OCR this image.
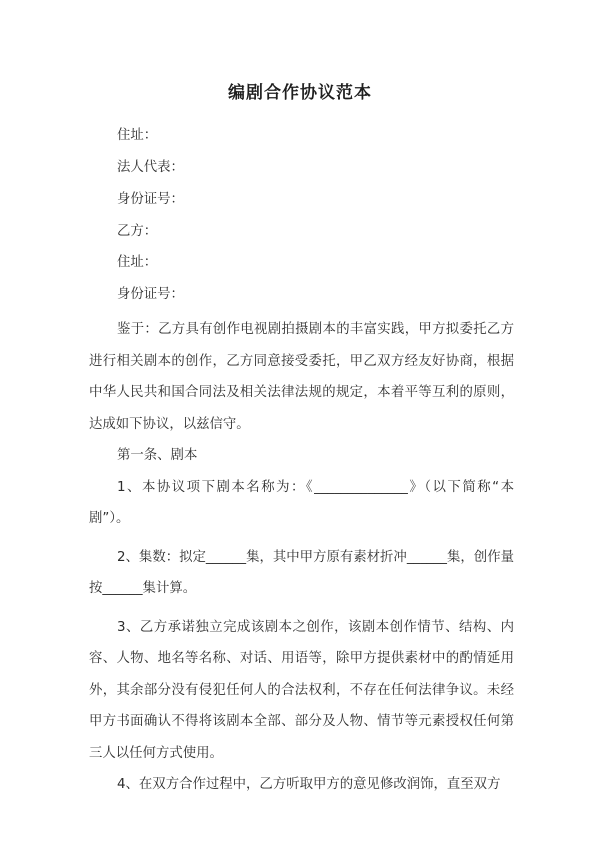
编剧合作协议范本
住址：
法人代表：
身份证号：
乙方：
住址：
身份证号：

鉴于：乙方具有创作电视剧拍摄剧本的丰富实践，甲方拟委托乙方进行相关剧本的创作，乙方同意接受委托，甲乙双方经友好协商，根据中华人民共和国合同法及相关法律法规的规定，本着平等互利的原则，达成如下协议，以兹信守。

第一条、剧本

1、本协议项下剧本名称为：《______________》（以下简称“本剧”）。

2、集数：拟定______集，其中甲方原有素材折冲______集，创作量按______集计算。

3、乙方承诺独立完成该剧本之创作，该剧本创作情节、结构、内容、人物、地名等名称、对话、用语等，除甲方提供素材中的酌情延用外，其余部分没有侵犯任何人的合法权利，不存在任何法律争议。未经甲方书面确认不得将该剧本全部、部分及人物、情节等元素授权任何第三人以任何方式使用。

4、在双方合作过程中，乙方听取甲方的意见修改润饰，直至双方
